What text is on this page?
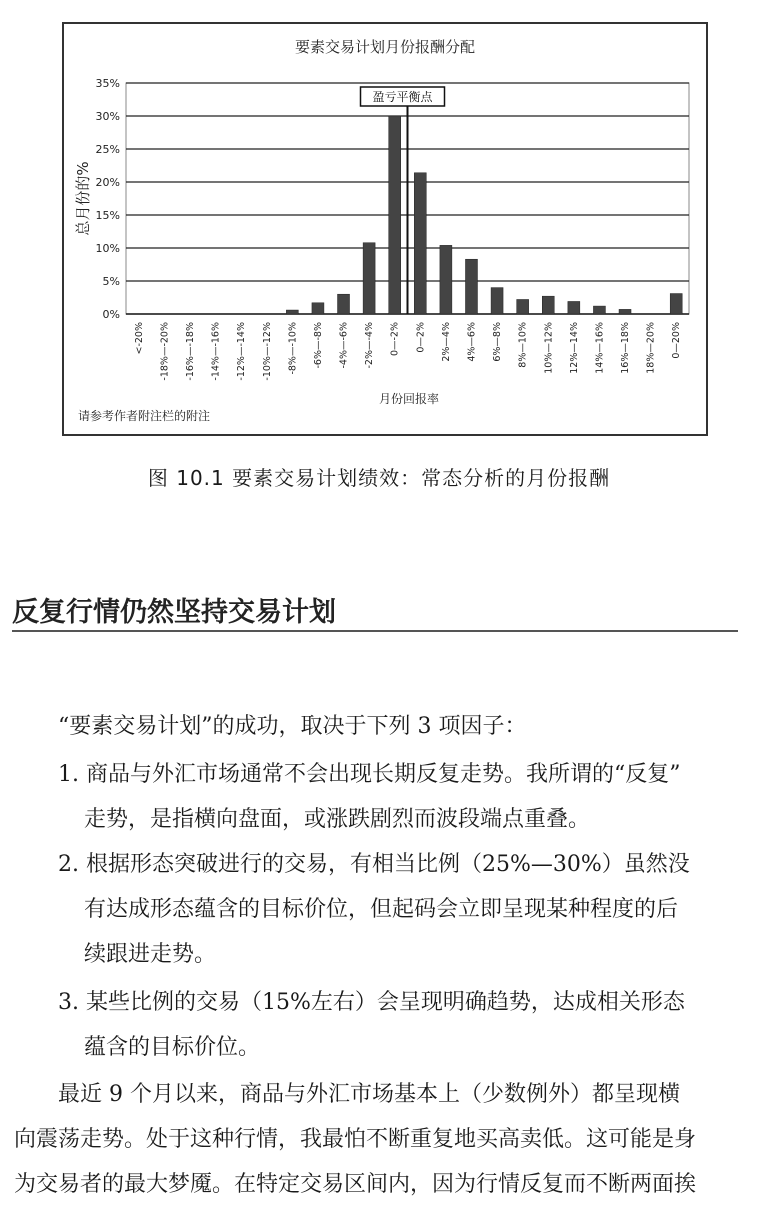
0%
5%
10%
15%
20%
25%
30%
35%
<-20% -18%—-20% -16%—-18% -14%—-16% -12%—-14% -10%—-12% -8%—-10% -6%—-8% -4%—-6% -2%—-4% 0—-2% 0—2% 2%—4% 4%—6% 6%—8% 8%—10% 10%—12% 12%—14% 14%—16% 16%—18% 18%—20% 0—20%
盈亏平衡点
要素交易计划月份报酬分配
总月份的%
月份回报率
请参考作者附注栏的附注
图 10.1 要素交易计划绩效：常态分析的月份报酬
反复行情仍然坚持交易计划
“要素交易计划”的成功，取决于下列 3 项因子：
1. 商品与外汇市场通常不会出现长期反复走势。我所谓的“反复”
走势，是指横向盘面，或涨跌剧烈而波段端点重叠。
2. 根据形态突破进行的交易，有相当比例（25%—30%）虽然没
有达成形态蕴含的目标价位，但起码会立即呈现某种程度的后
续跟进走势。
3. 某些比例的交易（15%左右）会呈现明确趋势，达成相关形态
蕴含的目标价位。
最近 9 个月以来，商品与外汇市场基本上（少数例外）都呈现横
向震荡走势。处于这种行情，我最怕不断重复地买高卖低。这可能是身
为交易者的最大梦魇。在特定交易区间内，因为行情反复而不断两面挨
